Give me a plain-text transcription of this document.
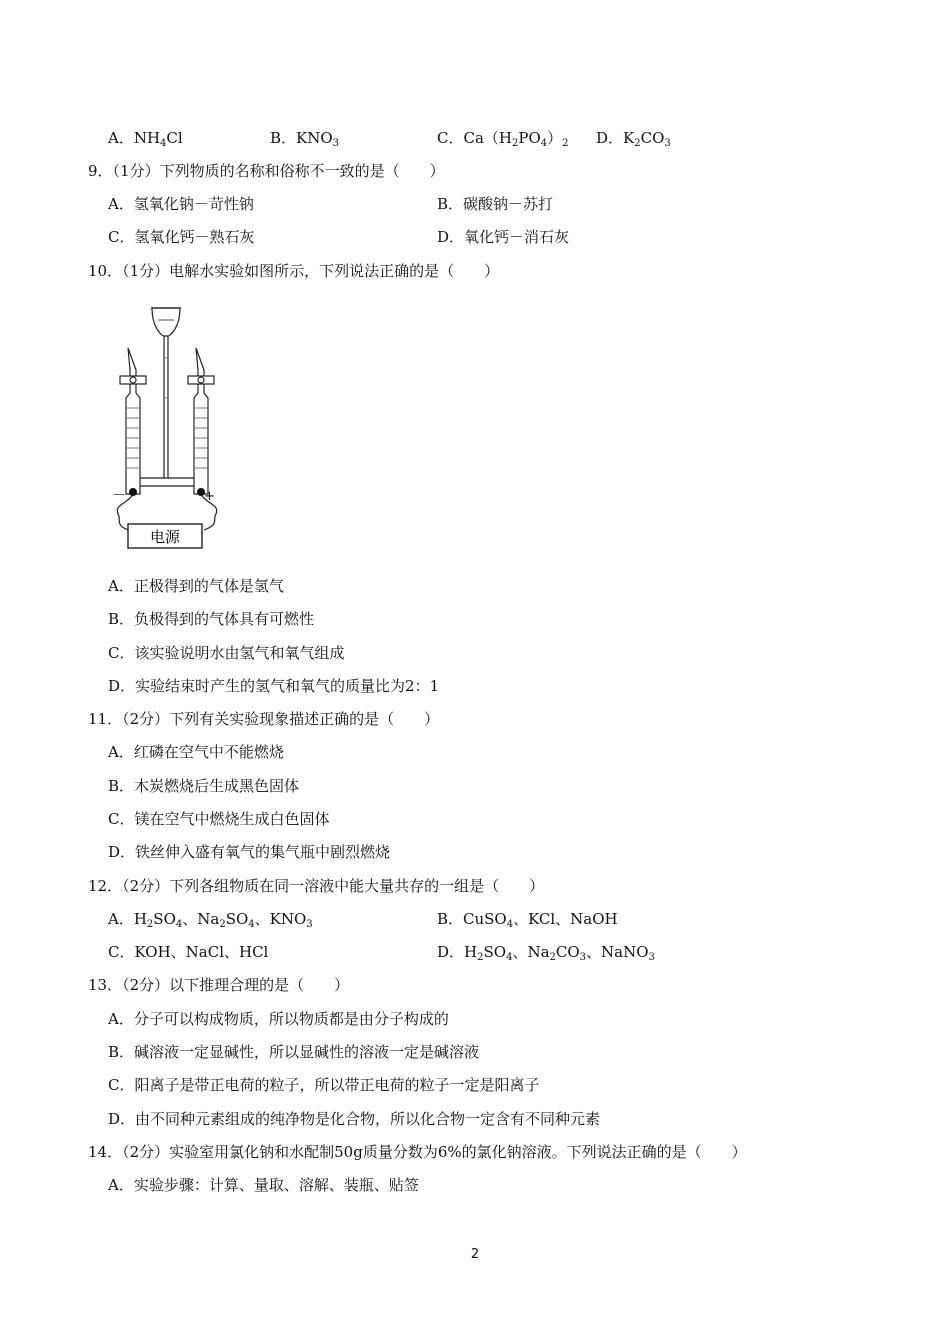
A．$NH_4Cl$	B．$KNO_3$	C．$Ca(H_2PO_4)_2$ D．$K_2CO_3$
9．（1分）下列物质的名称和俗称不一致的是（　　）
A．氢氧化钠－苛性钠	B．碳酸钠－苏打
C．氢氧化钙－熟石灰	D．氧化钙－消石灰
10．（1分）电解水实验如图所示，下列说法正确的是（　　）
－	+
电源
A．正极得到的气体是氢气
B．负极得到的气体具有可燃性
C．该实验说明水由氢气和氧气组成
D．实验结束时产生的氢气和氧气的质量比为2：1
11．（2分）下列有关实验现象描述正确的是（　　）
A．红磷在空气中不能燃烧
B．木炭燃烧后生成黑色固体
C．镁在空气中燃烧生成白色固体
D．铁丝伸入盛有氧气的集气瓶中剧烈燃烧
12．（2分）下列各组物质在同一溶液中能大量共存的一组是（　　）
A．$H_2SO_4$、$Na_2SO_4$、$KNO_3$	B．CuSO$_4$、KCl、NaOH
C．KOH、NaCl、HCl	D．$H_2SO_4$、$Na_2CO_3$、NaNO$_3$
13．（2分）以下推理合理的是（　　）
A．分子可以构成物质，所以物质都是由分子构成的
B．碱溶液一定显碱性，所以显碱性的溶液一定是碱溶液
C．阳离子是带正电荷的粒子，所以带正电荷的粒子一定是阳离子
D．由不同种元素组成的纯净物是化合物，所以化合物一定含有不同种元素
14．（2分）实验室用氯化钠和水配制50g质量分数为6%的氯化钠溶液。下列说法正确的是（　　）
A．实验步骤：计算、量取、溶解、装瓶、贴签
2
